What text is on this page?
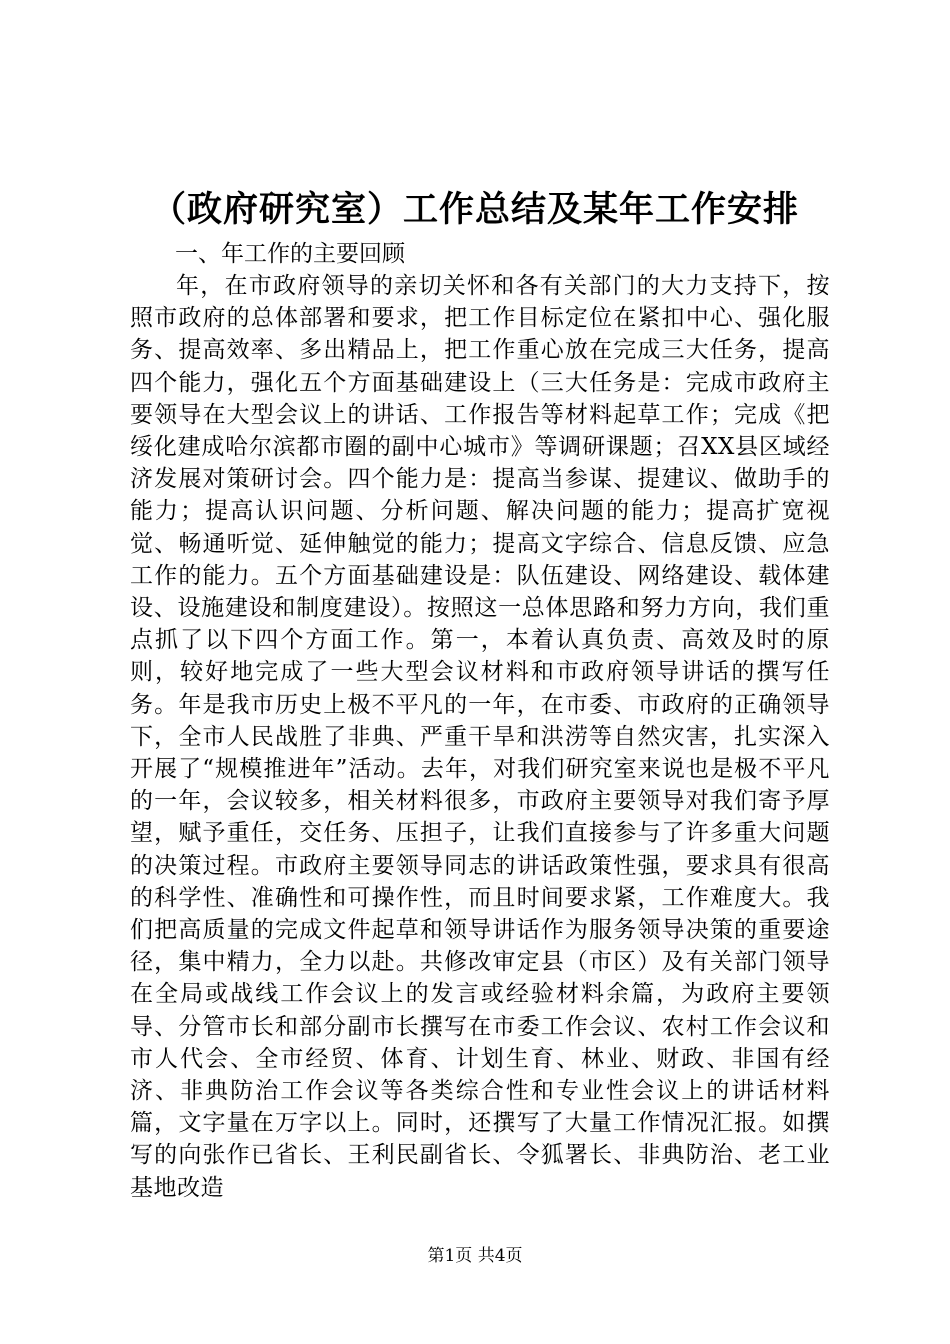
（政府研究室）工作总结及某年工作安排

一、年工作的主要回顾

年，在市政府领导的亲切关怀和各有关部门的大力支持下，按照市政府的总体部署和要求，把工作目标定位在紧扣中心、强化服务、提高效率、多出精品上，把工作重心放在完成三大任务，提高四个能力，强化五个方面基础建设上（三大任务是：完成市政府主要领导在大型会议上的讲话、工作报告等材料起草工作；完成《把绥化建成哈尔滨都市圈的副中心城市》等调研课题；召XX县区域经济发展对策研讨会。四个能力是：提高当参谋、提建议、做助手的能力；提高认识问题、分析问题、解决问题的能力；提高扩宽视觉、畅通听觉、延伸触觉的能力；提高文字综合、信息反馈、应急工作的能力。五个方面基础建设是：队伍建设、网络建设、载体建设、设施建设和制度建设）。按照这一总体思路和努力方向，我们重点抓了以下四个方面工作。第一，本着认真负责、高效及时的原则，较好地完成了一些大型会议材料和市政府领导讲话的撰写任务。年是我市历史上极不平凡的一年，在市委、市政府的正确领导下，全市人民战胜了非典、严重干旱和洪涝等自然灾害，扎实深入开展了“规模推进年”活动。去年，对我们研究室来说也是极不平凡的一年，会议较多，相关材料很多，市政府主要领导对我们寄予厚望，赋予重任，交任务、压担子，让我们直接参与了许多重大问题的决策过程。市政府主要领导同志的讲话政策性强，要求具有很高的科学性、准确性和可操作性，而且时间要求紧，工作难度大。我们把高质量的完成文件起草和领导讲话作为服务领导决策的重要途径，集中精力，全力以赴。共修改审定县（市区）及有关部门领导在全局或战线工作会议上的发言或经验材料余篇，为政府主要领导、分管市长和部分副市长撰写在市委工作会议、农村工作会议和市人代会、全市经贸、体育、计划生育、林业、财政、非国有经济、非典防治工作会议等各类综合性和专业性会议上的讲话材料篇，文字量在万字以上。同时，还撰写了大量工作情况汇报。如撰写的向张作已省长、王利民副省长、令狐署长、非典防治、老工业基地改造

第1页 共4页
